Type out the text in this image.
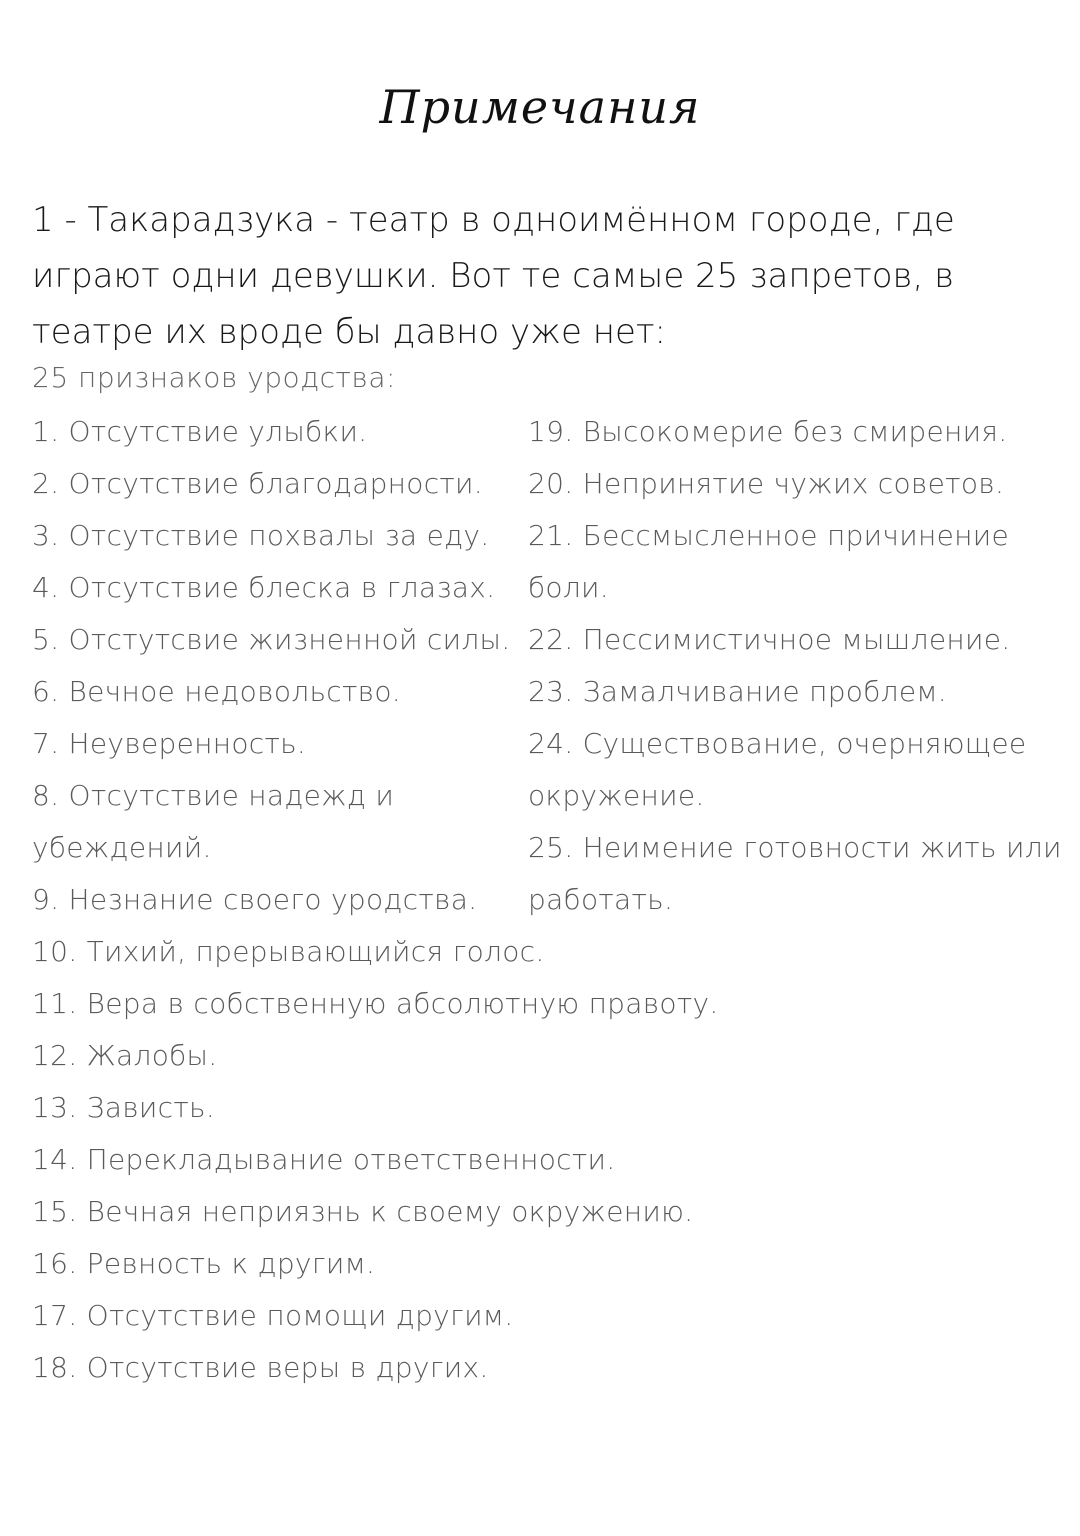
Примечания
1 - Такарадзука - театр в одноимённом городе, где
играют одни девушки. Вот те самые 25 запретов, в
театре их вроде бы давно уже нет:
25 признаков уродства:
1. Отсутствие улыбки.
2. Отсутствие благодарности.
3. Отсутствие похвалы за еду.
4. Отсутствие блеска в глазах.
5. Отстутсвие жизненной силы.
6. Вечное недовольство.
7. Неуверенность.
8. Отсутствие надежд и
убеждений.
9. Незнание своего уродства.
19. Высокомерие без смирения.
20. Непринятие чужих советов.
21. Бессмысленное причинение
боли.
22. Пессимистичное мышление.
23. Замалчивание проблем.
24. Существование, очерняющее
окружение.
25. Неимение готовности жить или
работать.
10. Тихий, прерывающийся голос.
11. Вера в собственную абсолютную правоту.
12. Жалобы.
13. Зависть.
14. Перекладывание ответственности.
15. Вечная неприязнь к своему окружению.
16. Ревность к другим.
17. Отсутствие помощи другим.
18. Отсутствие веры в других.
